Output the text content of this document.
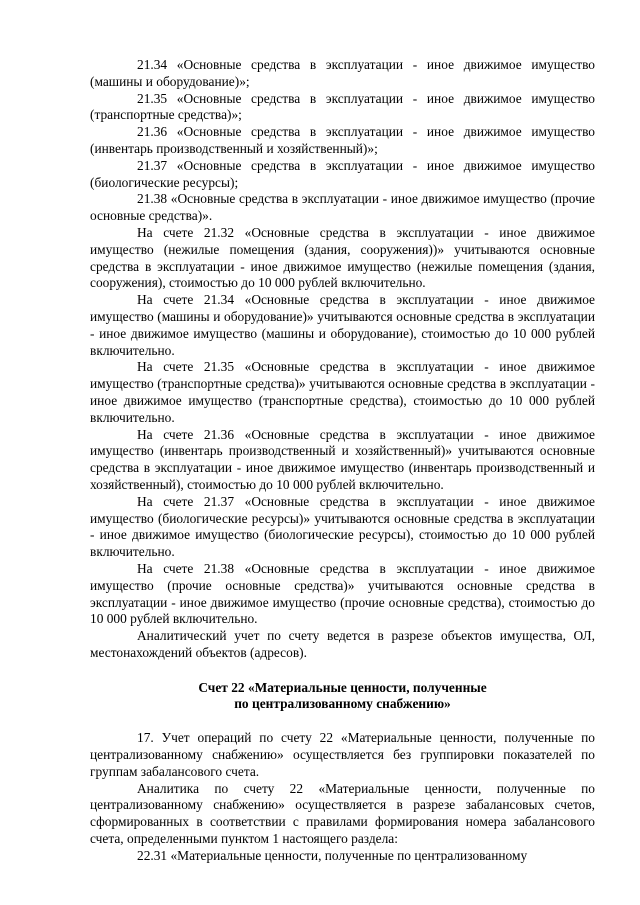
21.34 «Основные средства в эксплуатации - иное движимое имущество (машины и оборудование)»;

21.35 «Основные средства в эксплуатации - иное движимое имущество (транспортные средства)»;

21.36 «Основные средства в эксплуатации - иное движимое имущество (инвентарь производственный и хозяйственный)»;

21.37 «Основные средства в эксплуатации - иное движимое имущество (биологические ресурсы);

21.38 «Основные средства в эксплуатации - иное движимое имущество (прочие основные средства)».

На счете 21.32 «Основные средства в эксплуатации - иное движимое имущество (нежилые помещения (здания, сооружения))» учитываются основные средства в эксплуатации - иное движимое имущество (нежилые помещения (здания, сооружения), стоимостью до 10 000 рублей включительно.

На счете 21.34 «Основные средства в эксплуатации - иное движимое имущество (машины и оборудование)» учитываются основные средства в эксплуатации - иное движимое имущество (машины и оборудование), стоимостью до 10 000 рублей включительно.

На счете 21.35 «Основные средства в эксплуатации - иное движимое имущество (транспортные средства)» учитываются основные средства в эксплуатации - иное движимое имущество (транспортные средства), стоимостью до 10 000 рублей включительно.

На счете 21.36 «Основные средства в эксплуатации - иное движимое имущество (инвентарь производственный и хозяйственный)» учитываются основные средства в эксплуатации - иное движимое имущество (инвентарь производственный и хозяйственный), стоимостью до 10 000 рублей включительно.

На счете 21.37 «Основные средства в эксплуатации - иное движимое имущество (биологические ресурсы)» учитываются основные средства в эксплуатации - иное движимое имущество (биологические ресурсы), стоимостью до 10 000 рублей включительно.

На счете 21.38 «Основные средства в эксплуатации - иное движимое имущество (прочие основные средства)» учитываются основные средства в эксплуатации - иное движимое имущество (прочие основные средства), стоимостью до 10 000 рублей включительно.

Аналитический учет по счету ведется в разрезе объектов имущества, ОЛ, местонахождений объектов (адресов).

Счет 22 «Материальные ценности, полученные

по централизованному снабжению»

17. Учет операций по счету 22 «Материальные ценности, полученные по централизованному снабжению» осуществляется без группировки показателей по группам забалансового счета.

Аналитика по счету 22 «Материальные ценности, полученные по централизованному снабжению» осуществляется в разрезе забалансовых счетов, сформированных в соответствии с правилами формирования номера забалансового счета, определенными пунктом 1 настоящего раздела:

22.31 «Материальные ценности, полученные по централизованному
